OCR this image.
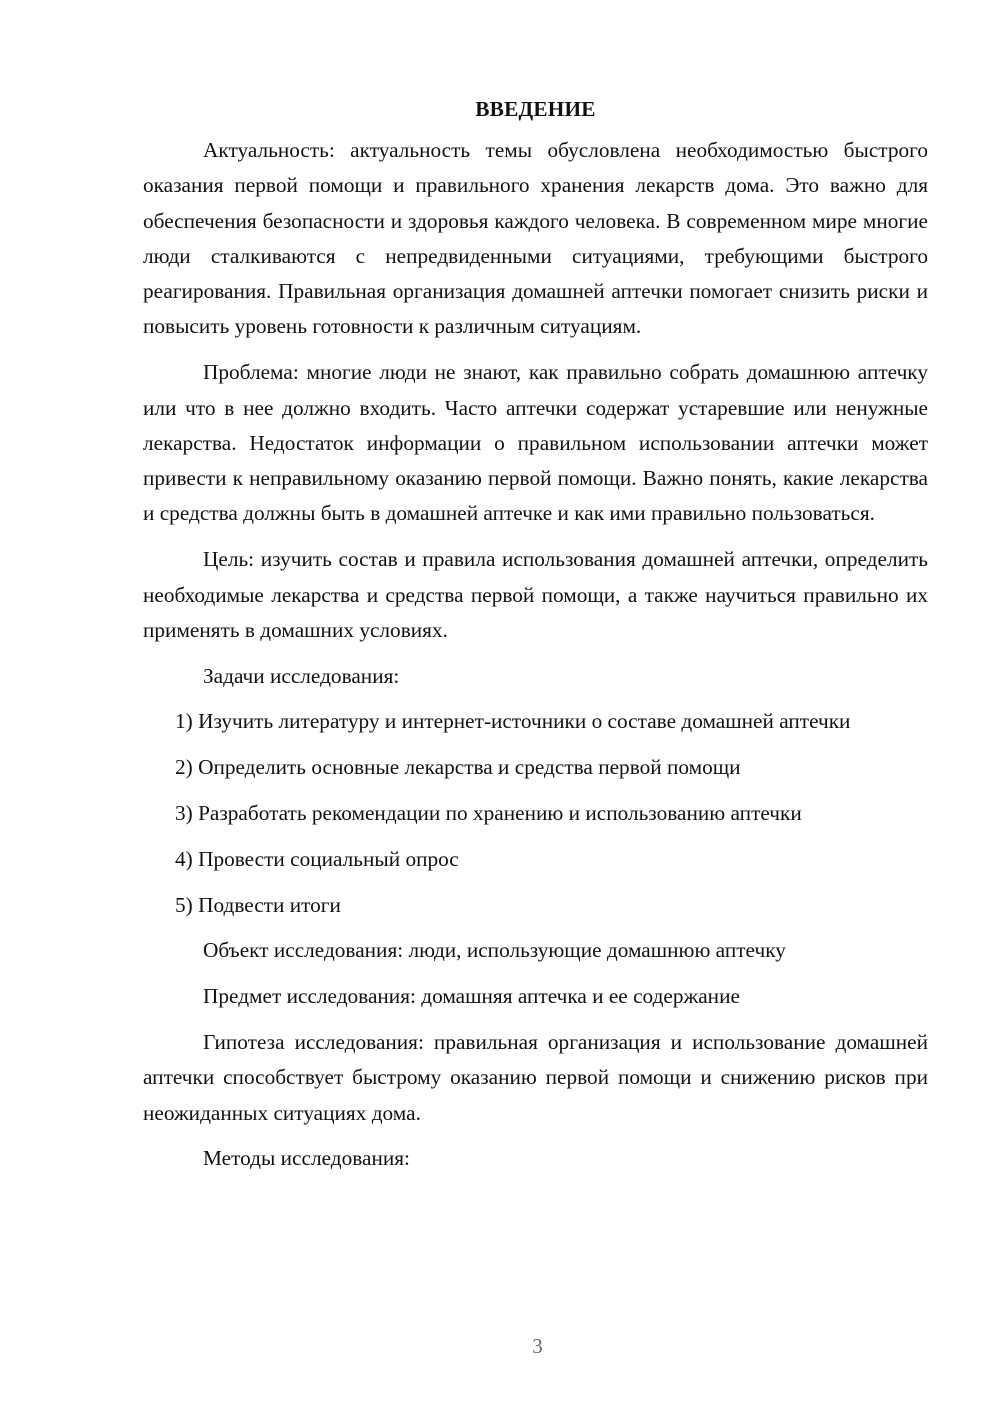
ВВЕДЕНИЕ

Актуальность: актуальность темы обусловлена необходимостью быстрого оказания первой помощи и правильного хранения лекарств дома. Это важно для обеспечения безопасности и здоровья каждого человека. В современном мире многие люди сталкиваются с непредвиденными ситуациями, требующими быстрого реагирования. Правильная организация домашней аптечки помогает снизить риски и повысить уровень готовности к различным ситуациям.

Проблема: многие люди не знают, как правильно собрать домашнюю аптечку или что в нее должно входить. Часто аптечки содержат устаревшие или ненужные лекарства. Недостаток информации о правильном использовании аптечки может привести к неправильному оказанию первой помощи. Важно понять, какие лекарства и средства должны быть в домашней аптечке и как ими правильно пользоваться.

Цель: изучить состав и правила использования домашней аптечки, определить необходимые лекарства и средства первой помощи, а также научиться правильно их применять в домашних условиях.

Задачи исследования:

1) Изучить литературу и интернет-источники о составе домашней аптечки

2) Определить основные лекарства и средства первой помощи

3) Разработать рекомендации по хранению и использованию аптечки

4) Провести социальный опрос

5) Подвести итоги

Объект исследования: люди, использующие домашнюю аптечку

Предмет исследования: домашняя аптечка и ее содержание

Гипотеза исследования: правильная организация и использование домашней аптечки способствует быстрому оказанию первой помощи и снижению рисков при неожиданных ситуациях дома.

Методы исследования:

3
